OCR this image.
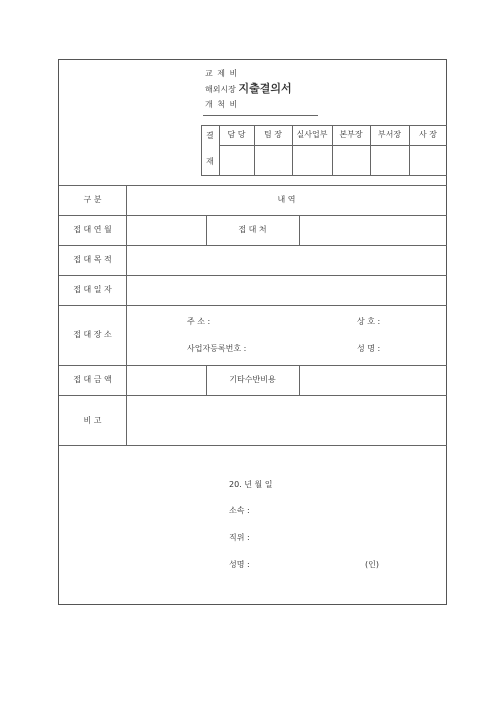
교 제 비
해외시장 지출결의서
개 척 비
결
재
담 당	팀 장	실사업부	본부장	부서장	사 장
구 분	내 역
접 대 연 월	접 대 처
접 대 목 적
접 대 일 자
접 대 장 소
주 소 :	상 호 :
사업자등록번호 :	성 명 :
접 대 금 액	기타수반비용
비 고
20. 년 월 일
소속 :
직위 :
성명 :	(인)
